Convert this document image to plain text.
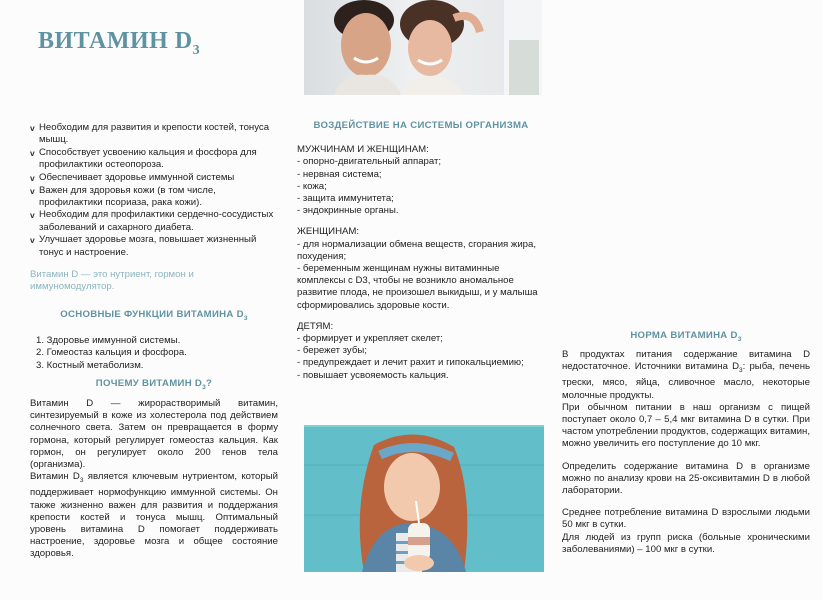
ВИТАМИН $D_3$
v Необходим для развития и крепости костей, тонуса мышц.
v Способствует усвоению кальция и фосфора для профилактики остеопороза.
v Обеспечивает здоровье иммунной системы
v Важен для здоровья кожи (в том числе, профилактики псориаза, рака кожи).
v Необходим для профилактики сердечно-сосудистых заболеваний и сахарного диабета.
v Улучшает здоровье мозга, повышает жизненный тонус и настроение.

Витамин D — это нутриент, гормон и иммуномодулятор.

ОСНОВНЫЕ ФУНКЦИИ ВИТАМИНА $D_3$
1. Здоровье иммунной системы.
2. Гомеостаз кальция и фосфора.
3. Костный метаболизм.
ПОЧЕМУ ВИТАМИН $D_3$?

Витамин D — жирорастворимый витамин, синтезируемый в коже из холестерола под действием солнечного света. Затем он превращается в форму гормона, который регулирует гомеостаз кальция. Как гормон, он регулирует около 200 генов тела (организма).

Витамин $D_3$ является ключевым нутриентом, который поддерживает нормофункцию иммунной системы. Он также жизненно важен для развития и поддержания крепости костей и тонуса мышц. Оптимальный уровень витамина D помогает поддерживать настроение, здоровье мозга и общее состояние здоровья.

ВОЗДЕЙСТВИЕ НА СИСТЕМЫ ОРГАНИЗМА
МУЖЧИНАМ И ЖЕНЩИНАМ:
- опорно-двигательный аппарат;
- нервная система;
- кожа;
- защита иммунитета;
- эндокринные органы.
ЖЕНЩИНАМ:
- для нормализации обмена веществ, сгорания жира, похудения;
- беременным женщинам нужны витаминные комплексы с D3, чтобы не возникло аномальное развитие плода, не произошел выкидыш, и у малыша сформировались здоровые кости.
ДЕТЯМ:
- формирует и укрепляет скелет;
- бережет зубы;
- предупреждает и лечит рахит и гипокальциемию;
- повышает усвояемость кальция.
НОРМА ВИТАМИНА $D_3$

В продуктах питания содержание витамина D недостаточное. Источники витамина $D_3$: рыба, печень трески, мясо, яйца, сливочное масло, некоторые молочные продукты.

При обычном питании в наш организм с пищей поступает около 0,7 – 5,4 мкг витамина D в сутки. При частом употреблении продуктов, содержащих витамин, можно увеличить его поступление до 10 мкг.

Определить содержание витамина D в организме можно по анализу крови на 25-оксивитамин D в любой лаборатории.

Среднее потребление витамина D взрослыми людьми 50 мкг в сутки.

Для людей из групп риска (больные хроническими заболеваниями) – 100 мкг в сутки.
